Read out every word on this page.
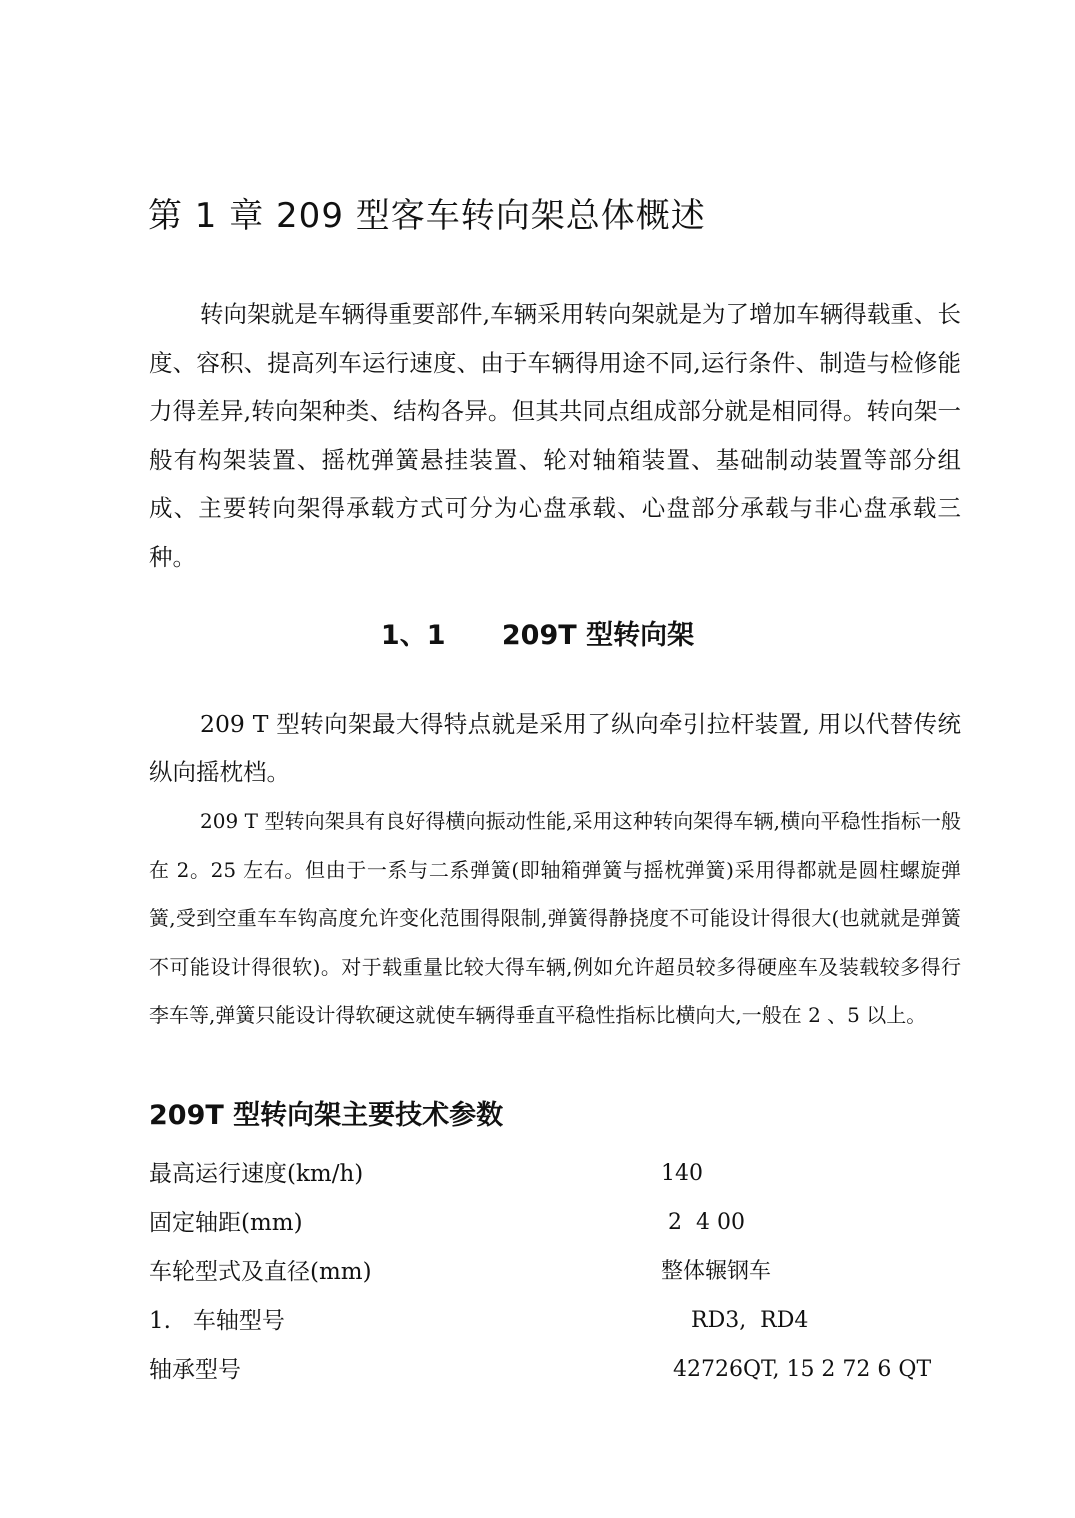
第 1 章 209 型客车转向架总体概述

转向架就是车辆得重要部件,车辆采用转向架就是为了增加车辆得载重、长度、容积、提高列车运行速度、由于车辆得用途不同,运行条件、制造与检修能力得差异,转向架种类、结构各异。但其共同点组成部分就是相同得。转向架一般有构架装置、摇枕弹簧悬挂装置、轮对轴箱装置、基础制动装置等部分组成、主要转向架得承载方式可分为心盘承载、心盘部分承载与非心盘承载三种。

1、1      209T 型转向架

209 T 型转向架最大得特点就是采用了纵向牵引拉杆装置, 用以代替传统纵向摇枕档。

209 T 型转向架具有良好得横向振动性能,采用这种转向架得车辆,横向平稳性指标一般在 2。25 左右。但由于一系与二系弹簧(即轴箱弹簧与摇枕弹簧)采用得都就是圆柱螺旋弹簧,受到空重车车钩高度允许变化范围得限制,弹簧得静挠度不可能设计得很大(也就就是弹簧不可能设计得很软)。对于载重量比较大得车辆,例如允许超员较多得硬座车及装载较多得行李车等,弹簧只能设计得软硬这就使车辆得垂直平稳性指标比横向大,一般在 2 、5 以上。

209T 型转向架主要技术参数
最高运行速度(km/h)	140
固定轴距(mm)	2  4 00
车轮型式及直径(mm)	整体辗钢车
1.   车轴型号	RD3,  RD4
轴承型号	42726QT, 15 2 72 6 QT
